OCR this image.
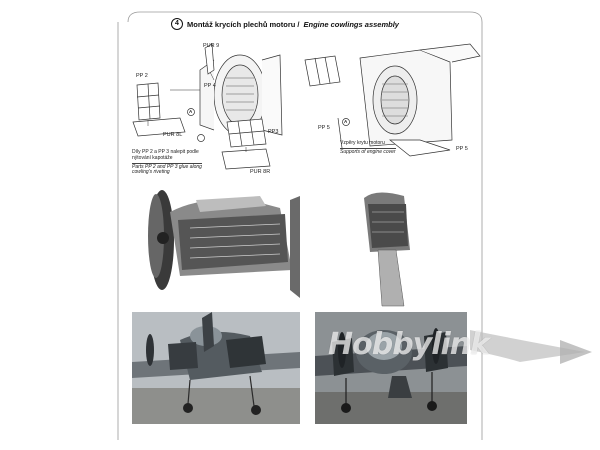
4	Montáž krycích plechů motoru / Engine cowlings assembly
PUR 9
PP 4
PP 2
PP3
PUR 8L
PUR 8R
A
Díly PP 2 a PP 3 nalepit podle
nýtování kapotáže
Parts PP 2 and PP 3 glue along
cowling's riveting
PP 5
PP 5
A
Vzpěry krytu motoru
Supports of engine cover
Hobbylink
www.hlj.com
